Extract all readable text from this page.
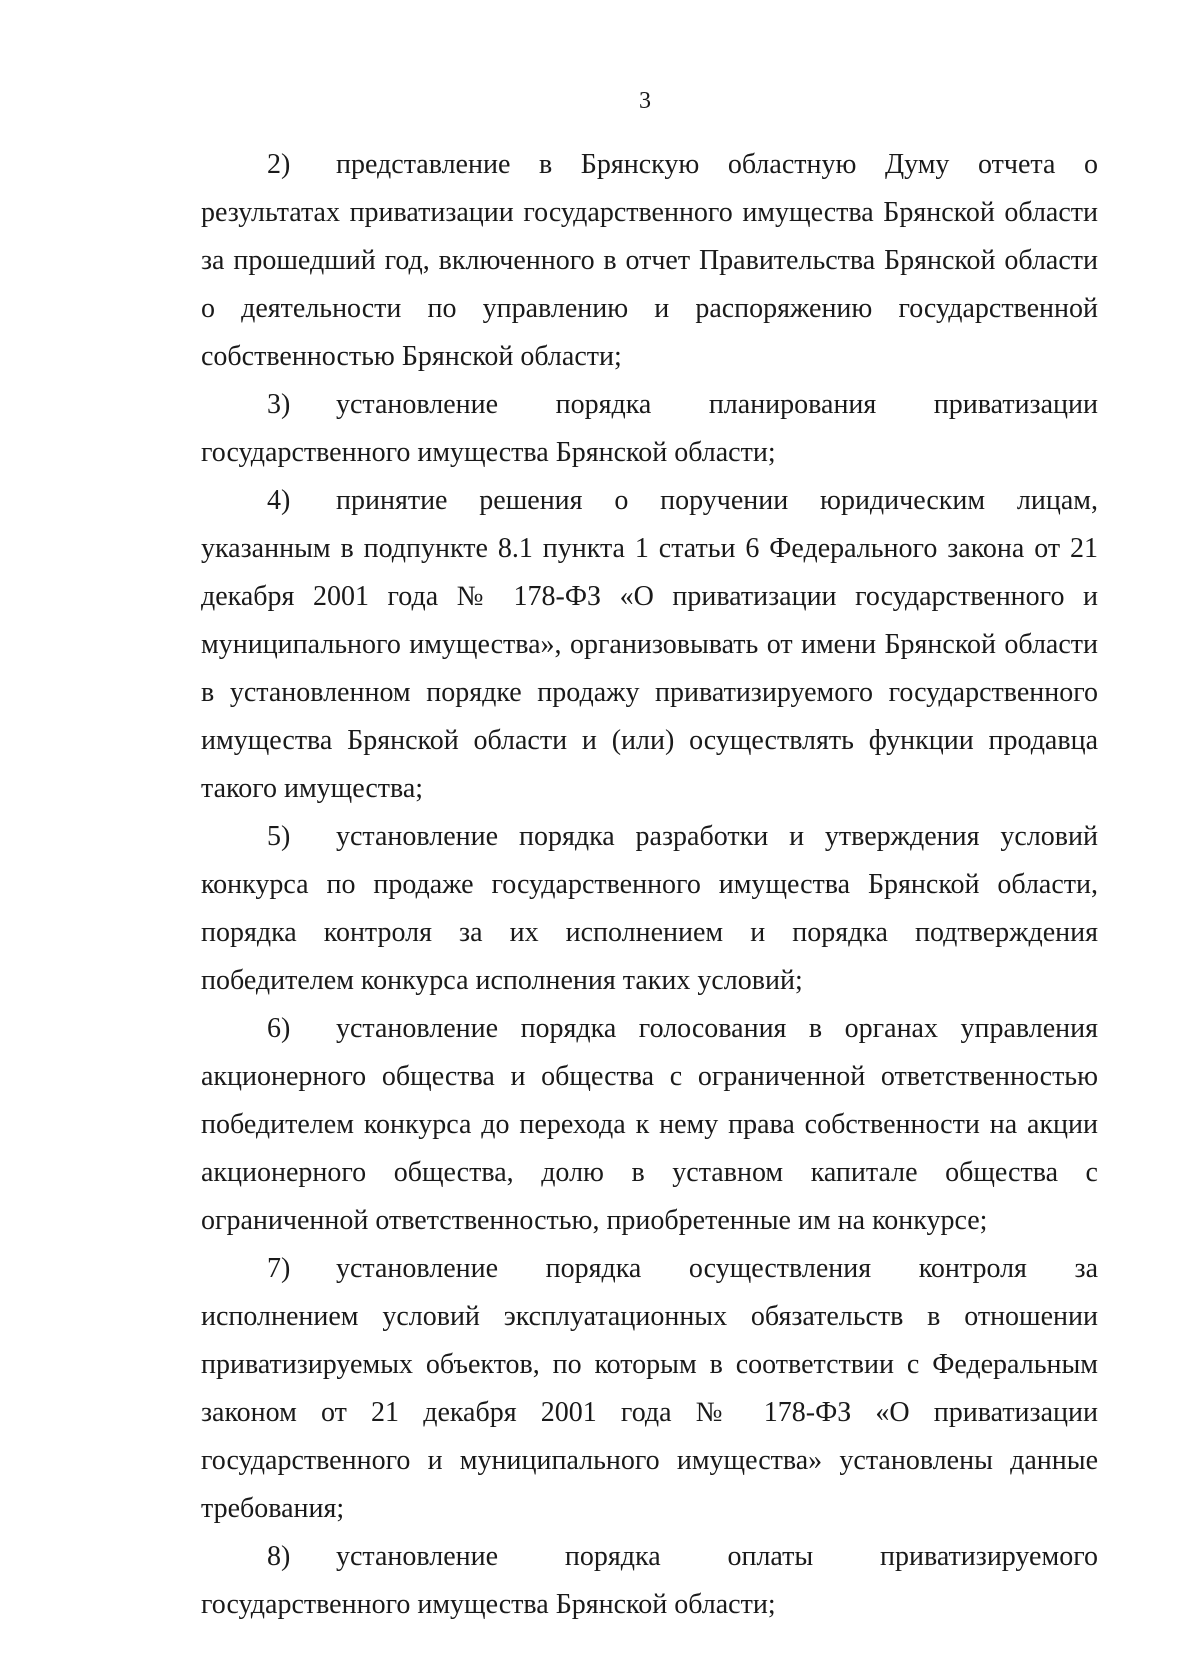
3

2) представление в Брянскую областную Думу отчета о результатах приватизации государственного имущества Брянской области за прошедший год, включенного в отчет Правительства Брянской области о деятельности по управлению и распоряжению государственной собственностью Брянской области;

3) установление порядка планирования приватизации государственного имущества Брянской области;

4) принятие решения о поручении юридическим лицам, указанным в подпункте 8.1 пункта 1 статьи 6 Федерального закона от 21 декабря 2001 года № 178-ФЗ «О приватизации государственного и муниципального имущества», организовывать от имени Брянской области в установленном порядке продажу приватизируемого государственного имущества Брянской области и (или) осуществлять функции продавца такого имущества;

5) установление порядка разработки и утверждения условий конкурса по продаже государственного имущества Брянской области, порядка контроля за их исполнением и порядка подтверждения победителем конкурса исполнения таких условий;

6) установление порядка голосования в органах управления акционерного общества и общества с ограниченной ответственностью победителем конкурса до перехода к нему права собственности на акции акционерного общества, долю в уставном капитале общества с ограниченной ответственностью, приобретенные им на конкурсе;

7) установление порядка осуществления контроля за исполнением условий эксплуатационных обязательств в отношении приватизируемых объектов, по которым в соответствии с Федеральным законом от 21 декабря 2001 года № 178-ФЗ «О приватизации государственного и муниципального имущества» установлены данные требования;

8) установление порядка оплаты приватизируемого государственного имущества Брянской области;
